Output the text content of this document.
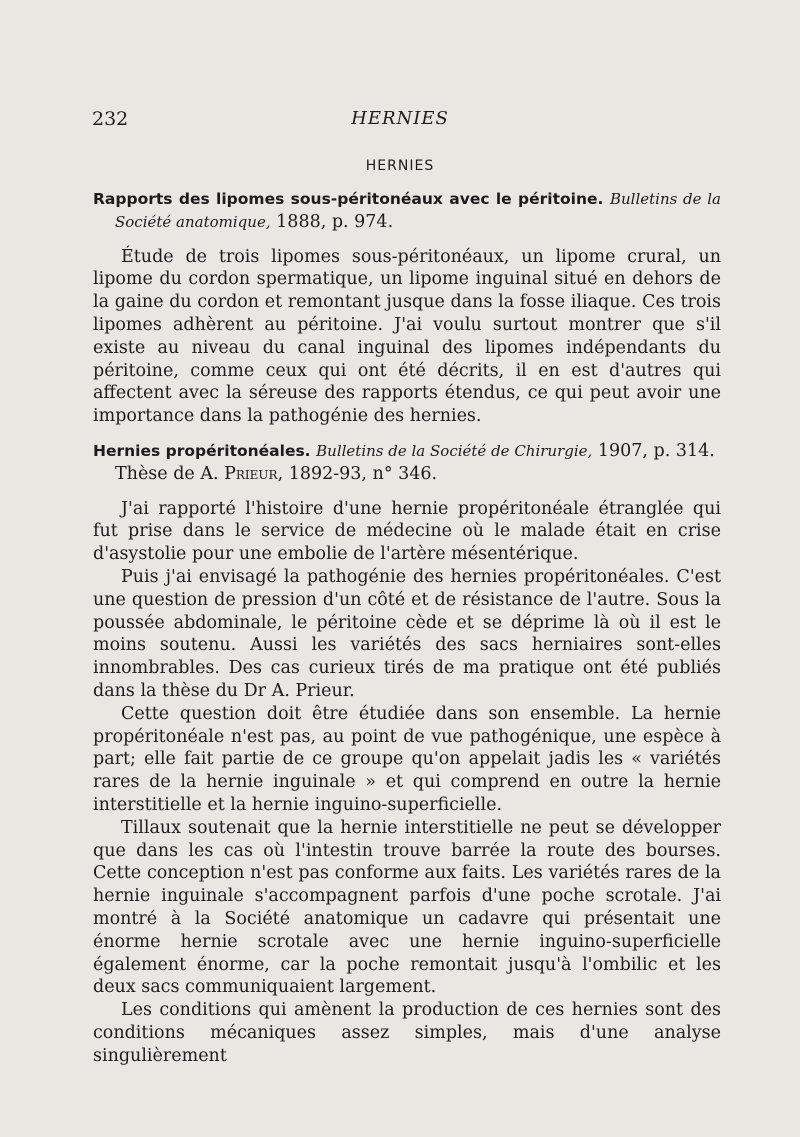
232	HERNIES
HERNIES

Rapports des lipomes sous-péritonéaux avec le péritoine. Bulletins de la Société anatomique, 1888, p. 974.

Étude de trois lipomes sous-péritonéaux, un lipome crural, un lipome du cordon spermatique, un lipome inguinal situé en dehors de la gaine du cordon et remontant jusque dans la fosse iliaque. Ces trois lipomes adhèrent au péritoine. J'ai voulu surtout montrer que s'il existe au niveau du canal inguinal des lipomes indépendants du péritoine, comme ceux qui ont été décrits, il en est d'autres qui affectent avec la séreuse des rapports étendus, ce qui peut avoir une importance dans la pathogénie des hernies.

Hernies propéritonéales. Bulletins de la Société de Chirurgie, 1907, p. 314.
Thèse de A. Prieur, 1892-93, n° 346.

J'ai rapporté l'histoire d'une hernie propéritonéale étranglée qui fut prise dans le service de médecine où le malade était en crise d'asystolie pour une embolie de l'artère mésentérique.

Puis j'ai envisagé la pathogénie des hernies propéritonéales. C'est une question de pression d'un côté et de résistance de l'autre. Sous la poussée abdominale, le péritoine cède et se déprime là où il est le moins soutenu. Aussi les variétés des sacs herniaires sont-elles innombrables. Des cas curieux tirés de ma pratique ont été publiés dans la thèse du Dr A. Prieur.

Cette question doit être étudiée dans son ensemble. La hernie propéritonéale n'est pas, au point de vue pathogénique, une espèce à part; elle fait partie de ce groupe qu'on appelait jadis les « variétés rares de la hernie inguinale » et qui comprend en outre la hernie interstitielle et la hernie inguino-superficielle.

Tillaux soutenait que la hernie interstitielle ne peut se développer que dans les cas où l'intestin trouve barrée la route des bourses. Cette conception n'est pas conforme aux faits. Les variétés rares de la hernie inguinale s'accompagnent parfois d'une poche scrotale. J'ai montré à la Société anatomique un cadavre qui présentait une énorme hernie scrotale avec une hernie inguino-superficielle également énorme, car la poche remontait jusqu'à l'ombilic et les deux sacs communiquaient largement.

Les conditions qui amènent la production de ces hernies sont des conditions mécaniques assez simples, mais d'une analyse singulièrement
